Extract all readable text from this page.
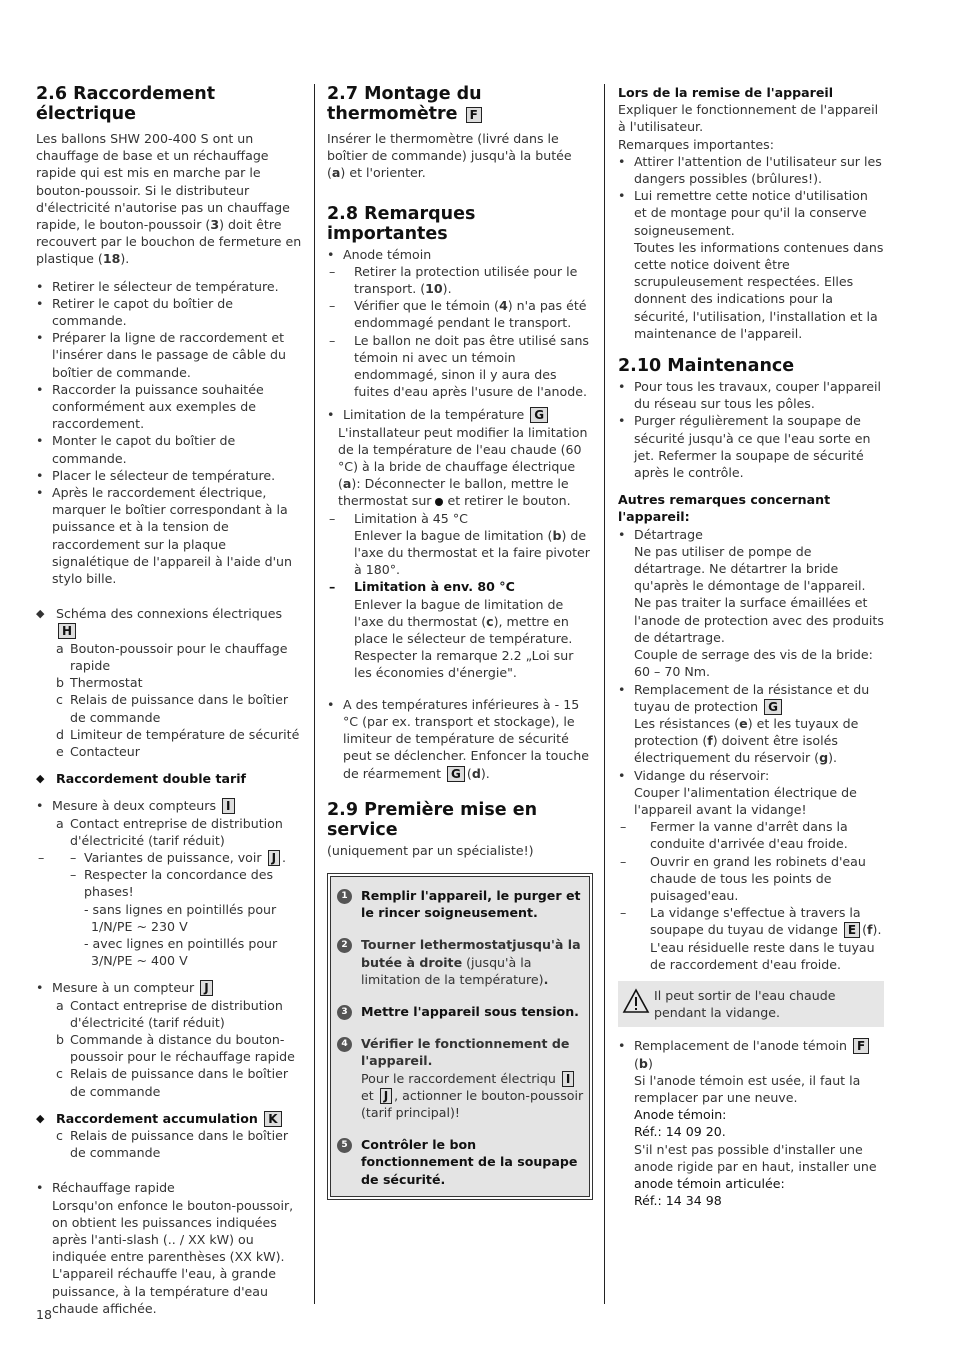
2.6 Raccordement électrique

Les ballons SHW 200-400 S ont un chauffage de base et un réchauffage rapide qui est mis en marche par le bouton-poussoir. Si le distributeur d'électricité n'autorise pas un chauffage rapide, le bouton-poussoir (3) doit être recouvert par le bouchon de fermeture en plastique (18).

• Retirer le sélecteur de température.
• Retirer le capot du boîtier de commande.
• Préparer la ligne de raccordement et l'insérer dans le passage de câble du boîtier de commande.
• Raccorder la puissance souhaitée conformément aux exemples de raccordement.
• Monter le capot du boîtier de commande.
• Placer le sélecteur de température.
• Après le raccordement électrique, marquer le boîtier correspondant à la puissance et à la tension de raccordement sur la plaque signalétique de l'appareil à l'aide d'un stylo bille.
◆ Schéma des connexions électriques H
a Bouton-poussoir pour le chauffage rapide
b Thermostat
c Relais de puissance dans le boîtier de commande
d Limiteur de température de sécurité
e Contacteur
◆ Raccordement double tarif
• Mesure à deux compteurs I
a Contact entreprise de distribution d'électricité (tarif réduit)
– – Variantes de puissance, voir J .
– Respecter la concordance des phases!
- sans lignes en pointillés pour 1/N/PE ~ 230 V
- avec lignes en pointillés pour 3/N/PE ~ 400 V
• Mesure à un compteur J
a Contact entreprise de distribution d'électricité (tarif réduit)
b Commande à distance du bouton-poussoir pour le réchauffage rapide
c Relais de puissance dans le boîtier de commande
◆ Raccordement accumulation K
c Relais de puissance dans le boîtier de commande
• Réchauffage rapide

Lorsqu'on enfonce le bouton-poussoir, on obtient les puissances indiquées après l'anti-slash (.. / XX kW) ou indiquée entre parenthèses (XX kW). L'appareil réchauffe l'eau, à grande puissance, à la température d'eau chaude affichée.

2.7 Montage du
thermomètre F

Insérer le thermomètre (livré dans le boîtier de commande) jusqu'à la butée (a) et l'orienter.

2.8 Remarques importantes
• Anode témoin
– Retirer la protection utilisée pour le transport. (10).
– Vérifier que le témoin (4) n'a pas été endommagé pendant le transport.
– Le ballon ne doit pas être utilisé sans témoin ni avec un témoin endommagé, sinon il y aura des fuites d'eau après l'usure de l'anode.
• Limitation de la température G

L'installateur peut modifier la limitation de la température de l'eau chaude (60 °C) à la bride de chauffage électrique (a): Déconnecter le ballon, mettre le thermostat sur  et retirer le bouton.

– Limitation à 45 °C

Enlever la bague de limitation (b) de l'axe du thermostat et la faire pivoter à 180°.

– Limitation à env. 80 °C

Enlever la bague de limitation de l'axe du thermostat (c), mettre en place le sélecteur de température.

Respecter la remarque 2.2 „Loi sur les économies d'énergie".

• A des températures inférieures à - 15 °C (par ex. transport et stockage), le limiteur de température de sécurité peut se déclencher. Enfoncer la touche de réarmement G (d).
2.9 Première mise en service

(uniquement par un spécialiste!)

1	Remplir l'appareil, le purger et le rincer soigneusement.
2	Tourner lethermostatjusqu'à la butée à droite (jusqu'à la limitation de la température).
3	Mettre l'appareil sous tension.
4	Vérifier le fonctionnement de l'appareil.
Pour le raccordement électriqu I
et J , actionner le bouton-poussoir (tarif principal)!
5	Contrôler le bon fonctionnement de la soupape de sécurité.

Lors de la remise de l'appareil

Expliquer le fonctionnement de l'appareil à l'utilisateur.

Remarques importantes:

• Attirer l'attention de l'utilisateur sur les dangers possibles (brûlures!).
• Lui remettre cette notice d'utilisation et de montage pour qu'il la conserve soigneusement.

Toutes les informations contenues dans cette notice doivent être scrupuleusement respectées. Elles donnent des indications pour la sécurité, l'utilisation, l'installation et la maintenance de l'appareil.

2.10 Maintenance
• Pour tous les travaux, couper l'appareil du réseau sur tous les pôles.
• Purger régulièrement la soupape de sécurité jusqu'à ce que l'eau sorte en jet. Refermer la soupape de sécurité après le contrôle.

Autres remarques concernant l'appareil:

• Détartrage

Ne pas utiliser de pompe de détartrage. Ne détartrer la bride qu'après le démontage de l'appareil. Ne pas traiter la surface émaillées et l'anode de protection avec des produits de détartrage.

Couple de serrage des vis de la bride:

60 – 70 Nm.

• Remplacement de la résistance et du tuyau de protection G

Les résistances (e) et les tuyaux de protection (f) doivent être isolés électriquement du réservoir (g).

• Vidange du réservoir:

Couper l'alimentation électrique de l'appareil avant la vidange!

– Fermer la vanne d'arrêt dans la conduite d'arrivée d'eau froide.
– Ouvrir en grand les robinets d'eau chaude de tous les points de puisaged'eau.
– La vidange s'effectue à travers la soupape du tuyau de vidange E (f). L'eau résiduelle reste dans le tuyau de raccordement d'eau froide.
Il peut sortir de l'eau chaude pendant la vidange.
• Remplacement de l'anode témoin F(b)

Si l'anode témoin est usée, il faut la remplacer par une neuve.

Anode témoin:

Réf.: 14 09 20.

S'il n'est pas possible d'installer une anode rigide par en haut, installer une

anode témoin articulée:

Réf.: 14 34 98

18
